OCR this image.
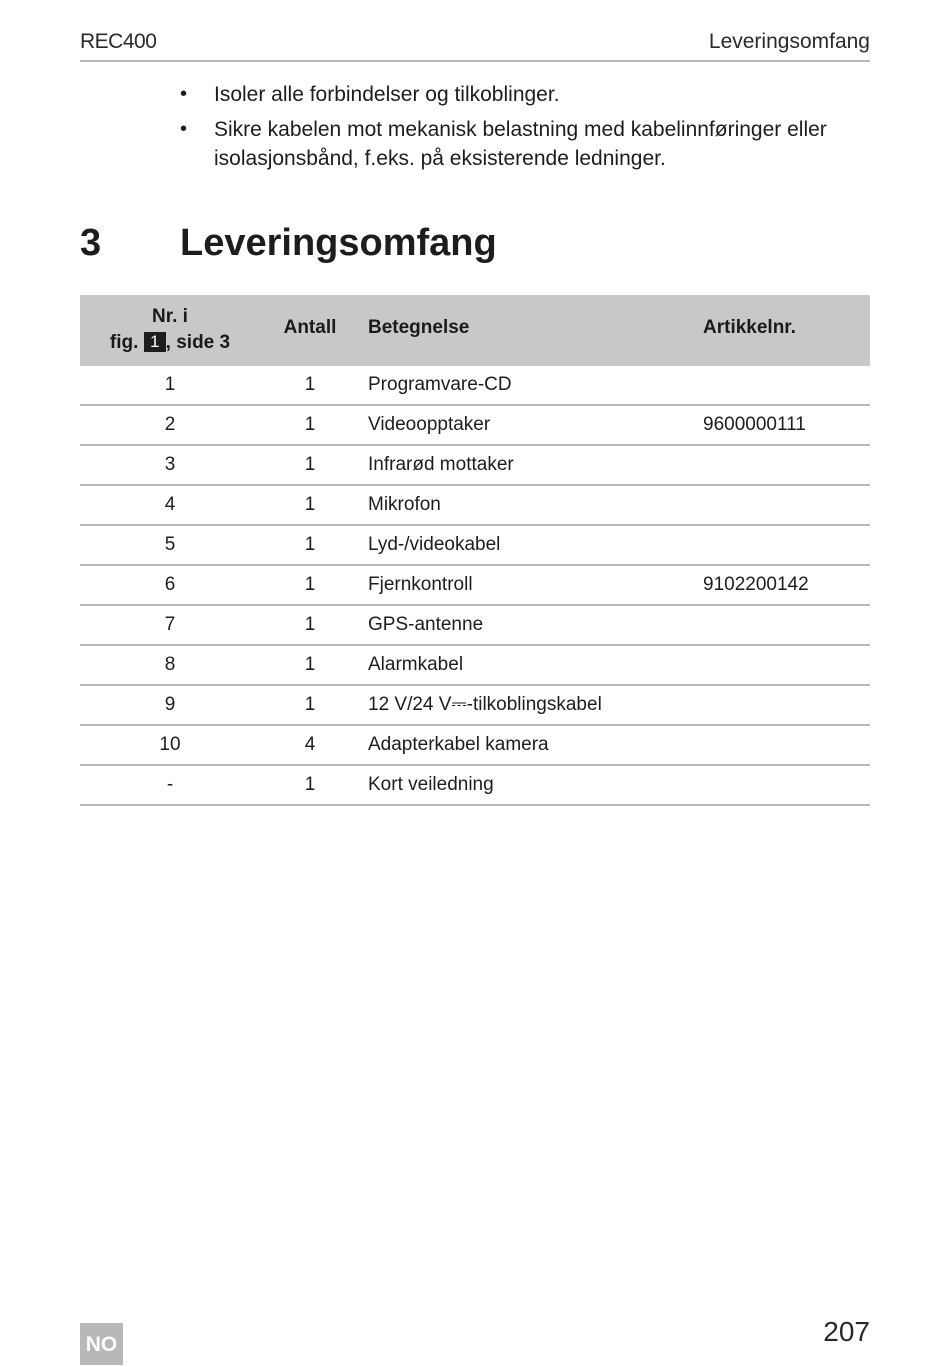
REC400	Leveringsomfang
• Isoler alle forbindelser og tilkoblinger.
• Sikre kabelen mot mekanisk belastning med kabelinnføringer eller isolasjonsbånd, f.eks. på eksisterende ledninger.
3 Leveringsomfang
Nr. i
fig. 1 , side 3
Antall	Betegnelse	Artikkelnr.
1	1	Programvare-CD
2	1	Videoopptaker	9600000111
3	1	Infrarød mottaker
4	1	Mikrofon
5	1	Lyd-/videokabel
6	1	Fjernkontroll	9102200142
7	1	GPS-antenne
8	1	Alarmkabel
9	1	12 V/24 V⎓-tilkoblingskabel
10	4	Adapterkabel kamera
-	1	Kort veiledning
NO	207
